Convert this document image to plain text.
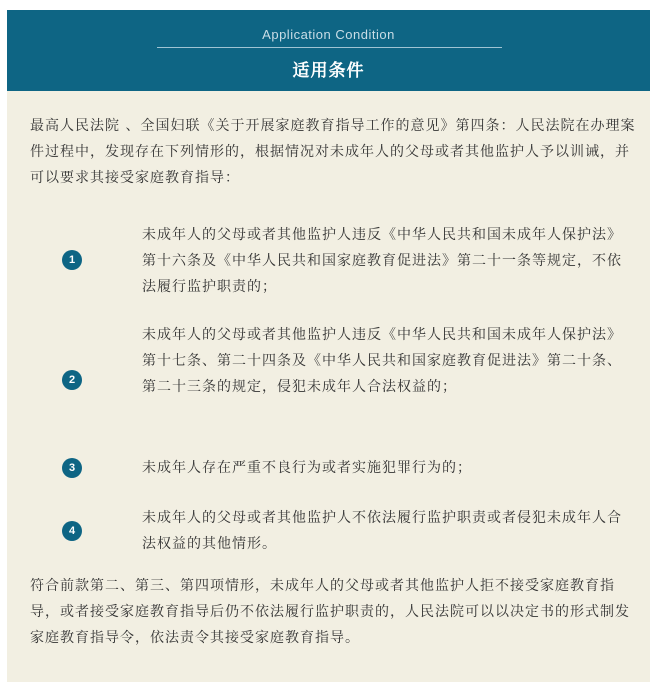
Application Condition
适用条件
最高人民法院 、全国妇联《关于开展家庭教育指导工作的意见》第四条：人民法院在办理案件过程中，发现存在下列情形的，根据情况对未成年人的父母或者其他监护人予以训诫，并可以要求其接受家庭教育指导：
1
未成年人的父母或者其他监护人违反《中华人民共和国未成年人保护法》第十六条及《中华人民共和国家庭教育促进法》第二十一条等规定，不依法履行监护职责的；
2
未成年人的父母或者其他监护人违反《中华人民共和国未成年人保护法》第十七条、第二十四条及《中华人民共和国家庭教育促进法》第二十条、第二十三条的规定，侵犯未成年人合法权益的；
3	未成年人存在严重不良行为或者实施犯罪行为的；
4
未成年人的父母或者其他监护人不依法履行监护职责或者侵犯未成年人合法权益的其他情形。
符合前款第二、第三、第四项情形，未成年人的父母或者其他监护人拒不接受家庭教育指导，或者接受家庭教育指导后仍不依法履行监护职责的，人民法院可以以决定书的形式制发家庭教育指导令，依法责令其接受家庭教育指导。
